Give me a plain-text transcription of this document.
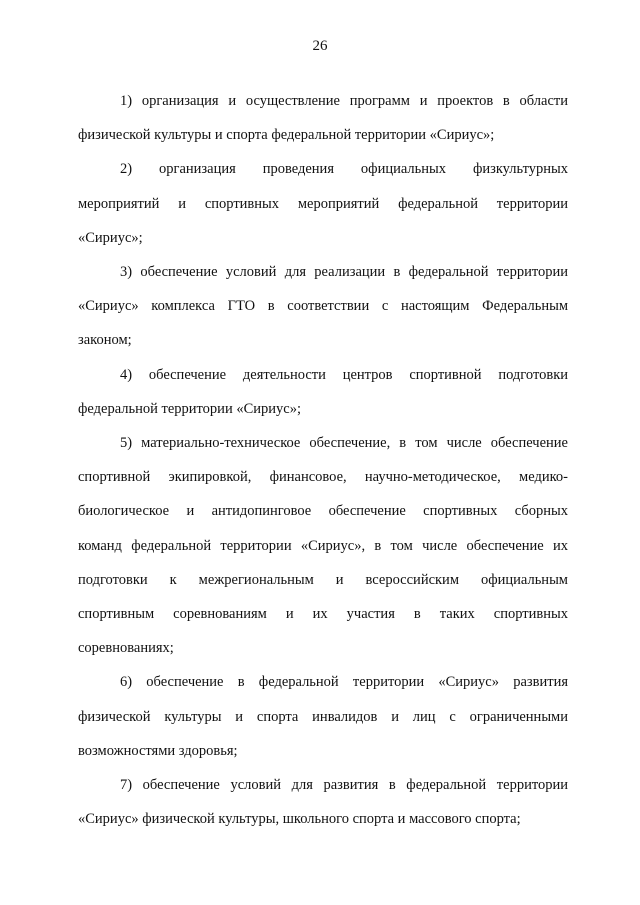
26
1) организация и осуществление программ и проектов в области
физической культуры и спорта федеральной территории «Сириус»;
2) организация проведения официальных физкультурных
мероприятий и спортивных мероприятий федеральной территории
«Сириус»;
3) обеспечение условий для реализации в федеральной территории
«Сириус» комплекса ГТО в соответствии с настоящим Федеральным
законом;
4) обеспечение деятельности центров спортивной подготовки
федеральной территории «Сириус»;
5) материально-техническое обеспечение, в том числе обеспечение
спортивной экипировкой, финансовое, научно-методическое, медико-
биологическое и антидопинговое обеспечение спортивных сборных
команд федеральной территории «Сириус», в том числе обеспечение их
подготовки к межрегиональным и всероссийским официальным
спортивным соревнованиям и их участия в таких спортивных
соревнованиях;
6) обеспечение в федеральной территории «Сириус» развития
физической культуры и спорта инвалидов и лиц с ограниченными
возможностями здоровья;
7) обеспечение условий для развития в федеральной территории
«Сириус» физической культуры, школьного спорта и массового спорта;
